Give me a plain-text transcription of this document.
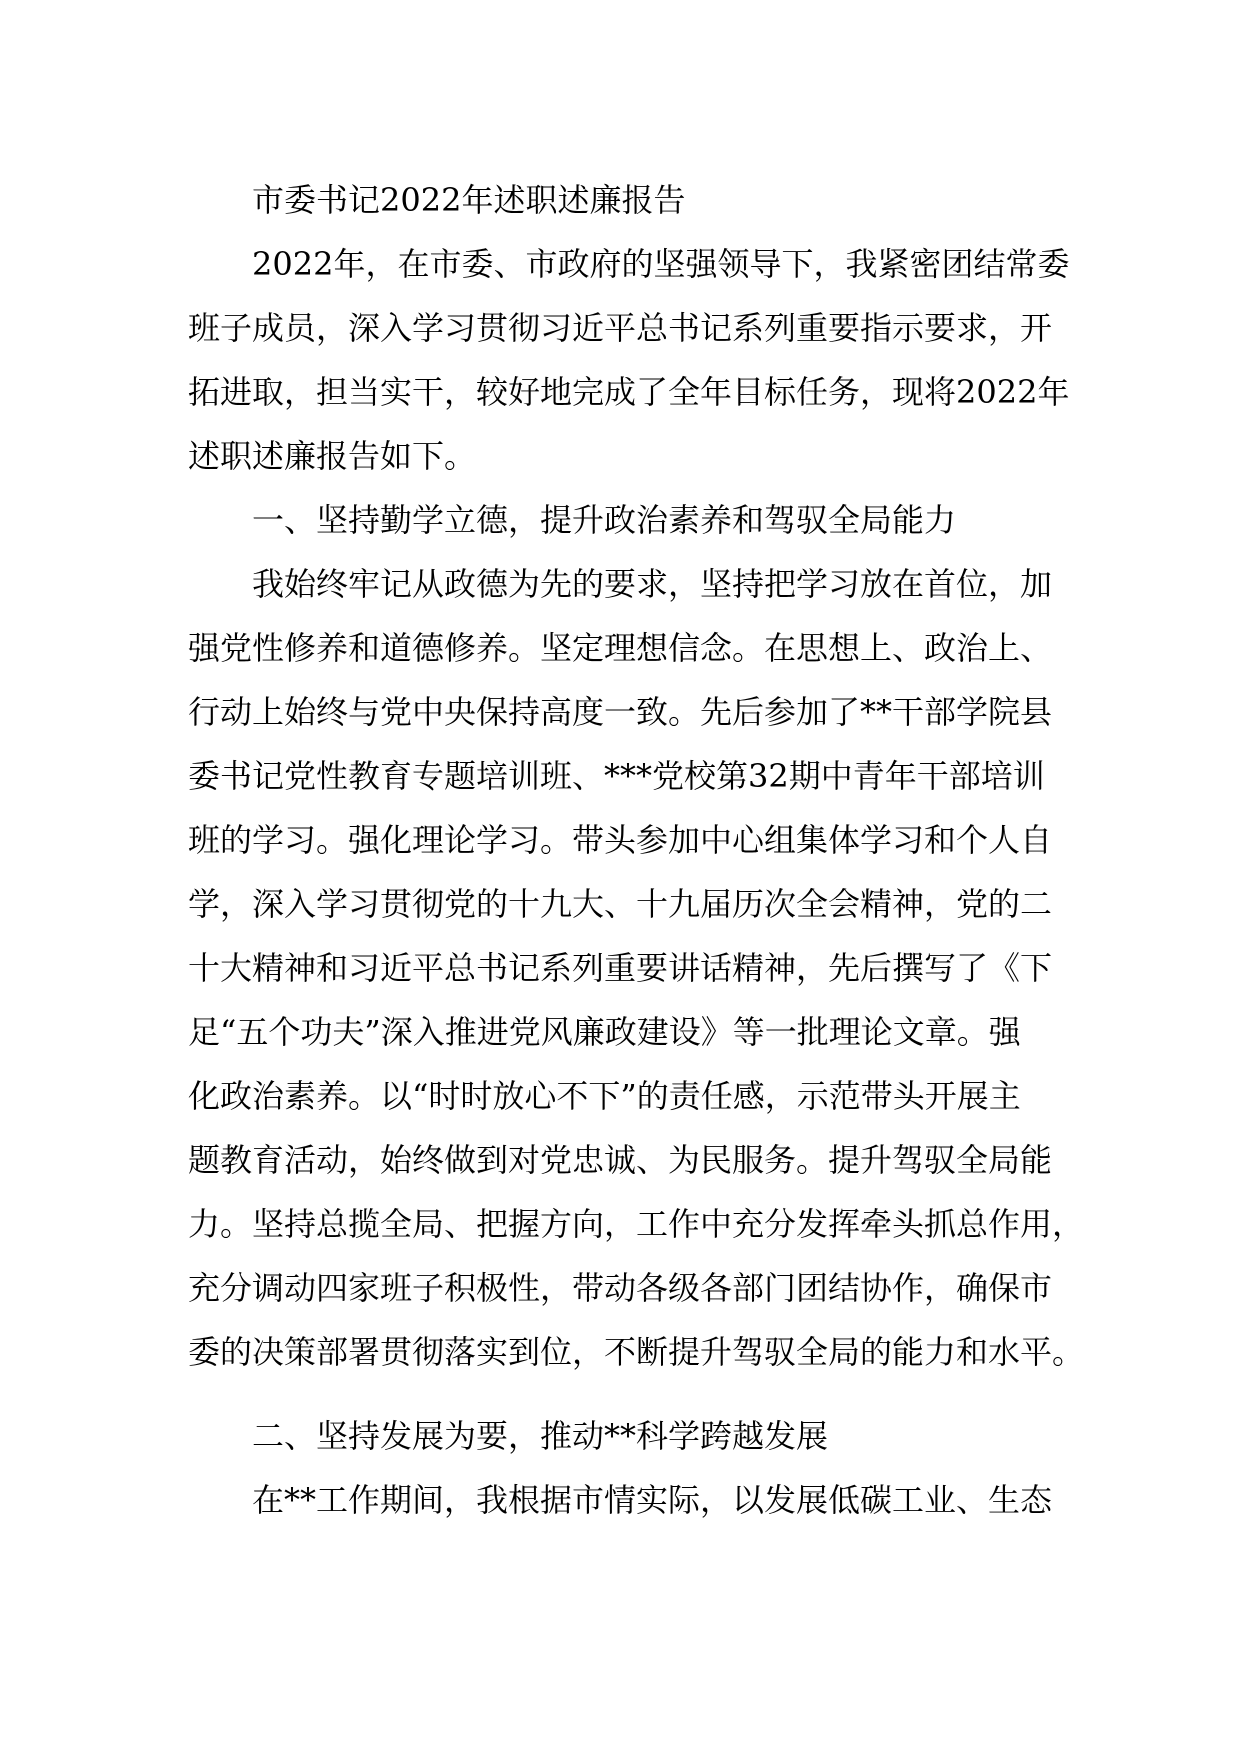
市委书记2022年述职述廉报告

2022年，在市委、市政府的坚强领导下，我紧密团结常委

班子成员，深入学习贯彻习近平总书记系列重要指示要求，开

拓进取，担当实干，较好地完成了全年目标任务，现将2022年

述职述廉报告如下。

一、坚持勤学立德，提升政治素养和驾驭全局能力

我始终牢记从政德为先的要求，坚持把学习放在首位，加

强党性修养和道德修养。坚定理想信念。在思想上、政治上、

行动上始终与党中央保持高度一致。先后参加了**干部学院县

委书记党性教育专题培训班、***党校第32期中青年干部培训

班的学习。强化理论学习。带头参加中心组集体学习和个人自

学，深入学习贯彻党的十九大、十九届历次全会精神，党的二

十大精神和习近平总书记系列重要讲话精神，先后撰写了《下

足“五个功夫”深入推进党风廉政建设》等一批理论文章。强

化政治素养。以“时时放心不下”的责任感，示范带头开展主

题教育活动，始终做到对党忠诚、为民服务。提升驾驭全局能

力。坚持总揽全局、把握方向，工作中充分发挥牵头抓总作用，

充分调动四家班子积极性，带动各级各部门团结协作，确保市

委的决策部署贯彻落实到位，不断提升驾驭全局的能力和水平。

二、坚持发展为要，推动**科学跨越发展

在**工作期间，我根据市情实际，以发展低碳工业、生态
